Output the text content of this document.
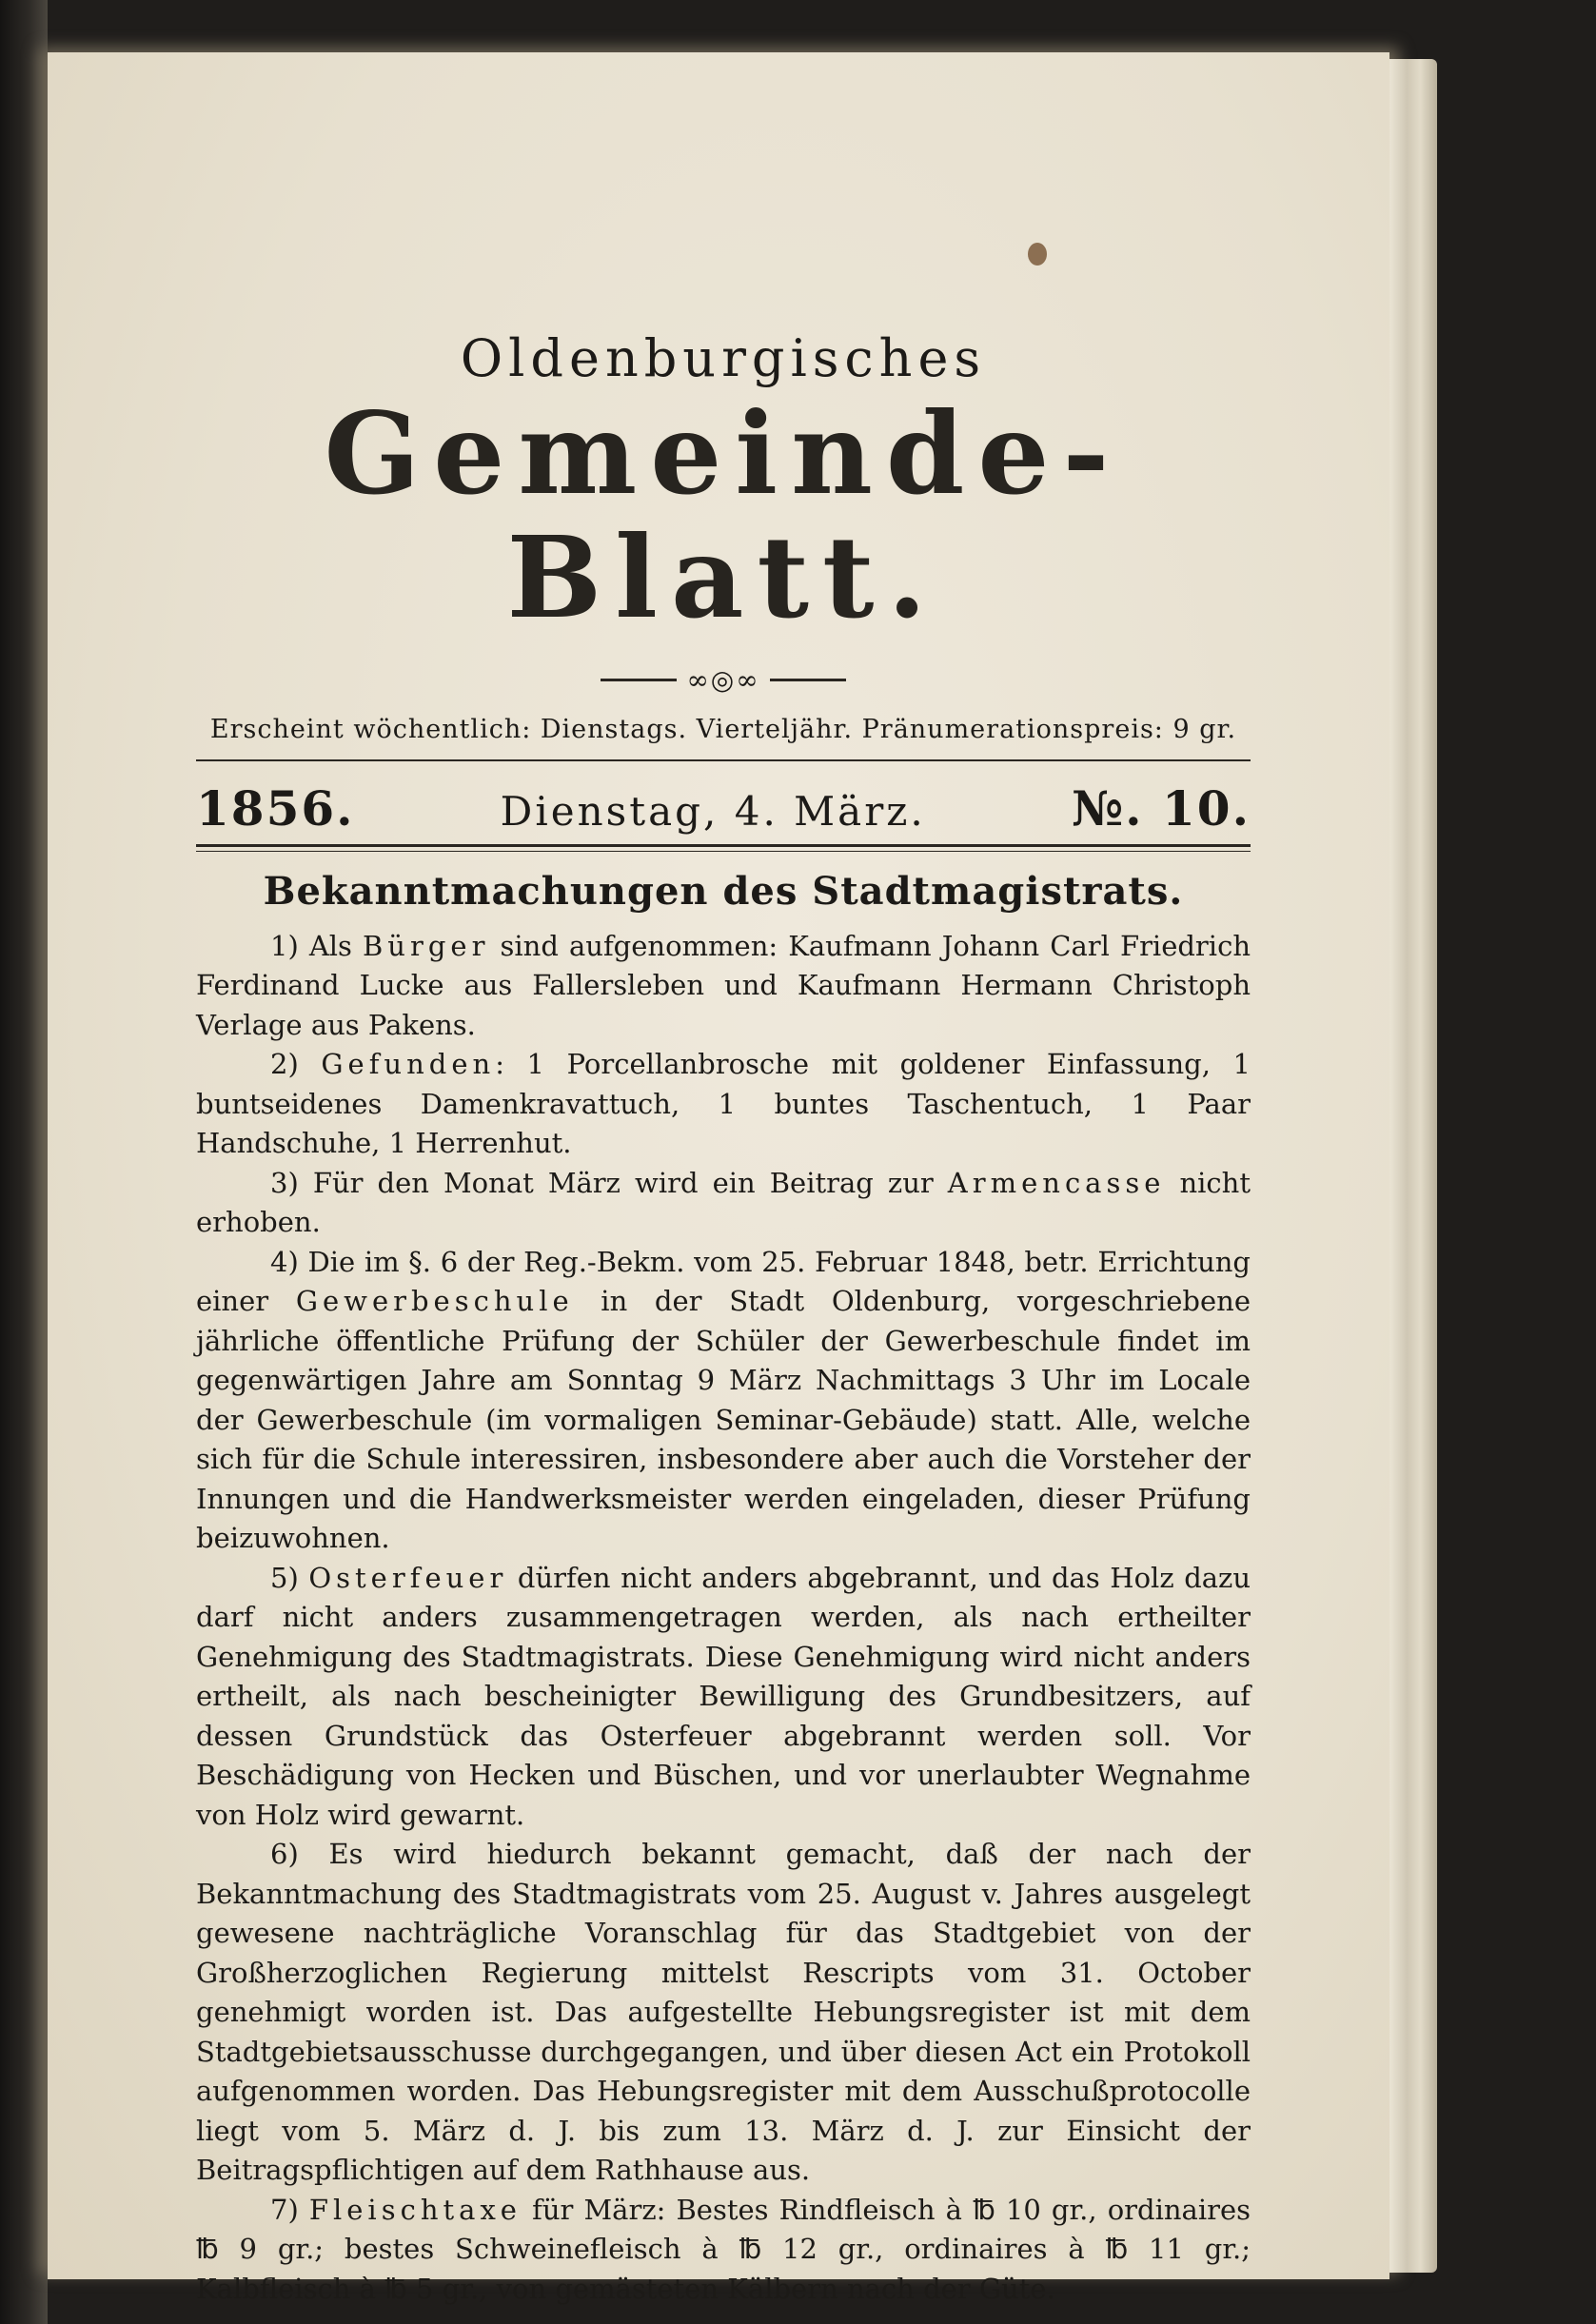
Oldenburgisches
Gemeinde-Blatt.
∞◎∞
Erscheint wöchentlich: Dienstags. Vierteljähr. Pränumerationspreis: 9 gr.
1856.	Dienstag, 4. März.	№. 10.
Bekanntmachungen des Stadtmagistrats.

1) Als Bürger sind aufgenommen: Kaufmann Johann Carl Friedrich Ferdinand Lucke aus Fallersleben und Kaufmann Hermann Christoph Verlage aus Pakens.

2) Gefunden: 1 Porcellanbrosche mit goldener Einfassung, 1 buntseidenes Damenkravattuch, 1 buntes Taschentuch, 1 Paar Handschuhe, 1 Herrenhut.

3) Für den Monat März wird ein Beitrag zur Armencasse nicht erhoben.

4) Die im §. 6 der Reg.-Bekm. vom 25. Februar 1848, betr. Errichtung einer Gewerbeschule in der Stadt Oldenburg, vorgeschriebene jährliche öffentliche Prüfung der Schüler der Gewerbeschule findet im gegenwärtigen Jahre am Sonntag 9 März Nachmittags 3 Uhr im Locale der Gewerbeschule (im vormaligen Seminar-Gebäude) statt. Alle, welche sich für die Schule interessiren, insbesondere aber auch die Vorsteher der Innungen und die Handwerksmeister werden eingeladen, dieser Prüfung beizuwohnen.

5) Osterfeuer dürfen nicht anders abgebrannt, und das Holz dazu darf nicht anders zusammengetragen werden, als nach ertheilter Genehmigung des Stadtmagistrats. Diese Genehmigung wird nicht anders ertheilt, als nach bescheinigter Bewilligung des Grundbesitzers, auf dessen Grundstück das Osterfeuer abgebrannt werden soll. Vor Beschädigung von Hecken und Büschen, und vor unerlaubter Wegnahme von Holz wird gewarnt.

6) Es wird hiedurch bekannt gemacht, daß der nach der Bekanntmachung des Stadtmagistrats vom 25. August v. Jahres ausgelegt gewesene nachträgliche Voranschlag für das Stadtgebiet von der Großherzoglichen Regierung mittelst Rescripts vom 31. October genehmigt worden ist. Das aufgestellte Hebungsregister ist mit dem Stadtgebietsausschusse durchgegangen, und über diesen Act ein Protokoll aufgenommen worden. Das Hebungsregister mit dem Ausschußprotocolle liegt vom 5. März d. J. bis zum 13. März d. J. zur Einsicht der Beitragspflichtigen auf dem Rathhause aus.

7) Fleischtaxe für März: Bestes Rindfleisch à ℔ 10 gr., ordinaires ℔ 9 gr.; bestes Schweinefleisch à ℔ 12 gr., ordinaires à ℔ 11 gr.; Kalbfleisch à ℔ 5 gr., von gemästeten Kälbern nach der Güte.
